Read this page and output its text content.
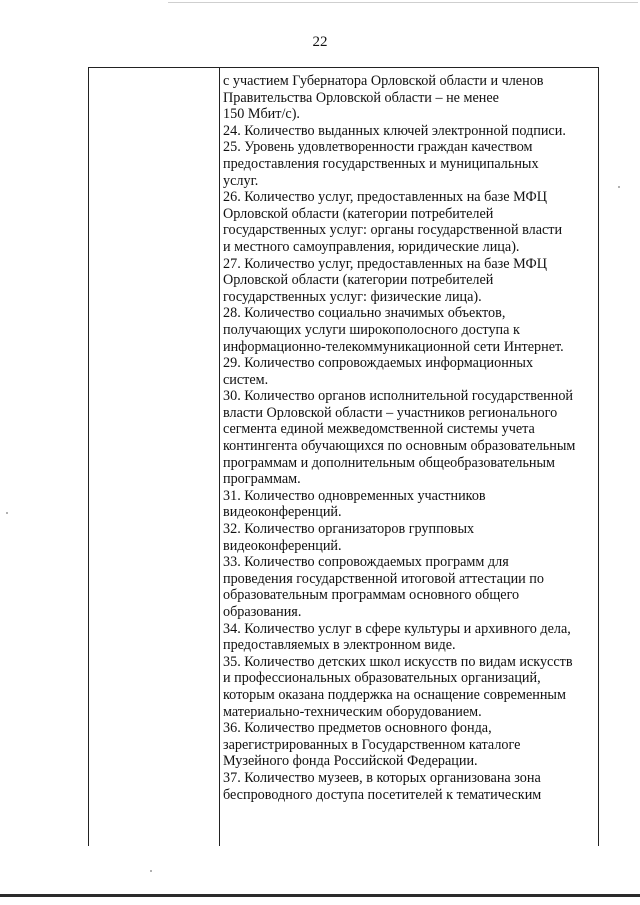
22
с участием Губернатора Орловской области и членов
Правительства Орловской области – не менее
150 Мбит/с).
24. Количество выданных ключей электронной подписи.
25. Уровень удовлетворенности граждан качеством
предоставления государственных и муниципальных
услуг.
26. Количество услуг, предоставленных на базе МФЦ
Орловской области (категории потребителей
государственных услуг: органы государственной власти
и местного самоуправления, юридические лица).
27. Количество услуг, предоставленных на базе МФЦ
Орловской области (категории потребителей
государственных услуг: физические лица).
28. Количество социально значимых объектов,
получающих услуги широкополосного доступа к
информационно-телекоммуникационной сети Интернет.
29. Количество сопровождаемых информационных
систем.
30. Количество органов исполнительной государственной
власти Орловской области – участников регионального
сегмента единой межведомственной системы учета
контингента обучающихся по основным образовательным
программам и дополнительным общеобразовательным
программам.
31. Количество одновременных участников
видеоконференций.
32. Количество организаторов групповых
видеоконференций.
33. Количество сопровождаемых программ для
проведения государственной итоговой аттестации по
образовательным программам основного общего
образования.
34. Количество услуг в сфере культуры и архивного дела,
предоставляемых в электронном виде.
35. Количество детских школ искусств по видам искусств
и профессиональных образовательных организаций,
которым оказана поддержка на оснащение современным
материально-техническим оборудованием.
36. Количество предметов основного фонда,
зарегистрированных в Государственном каталоге
Музейного фонда Российской Федерации.
37. Количество музеев, в которых организована зона
беспроводного доступа посетителей к тематическим
